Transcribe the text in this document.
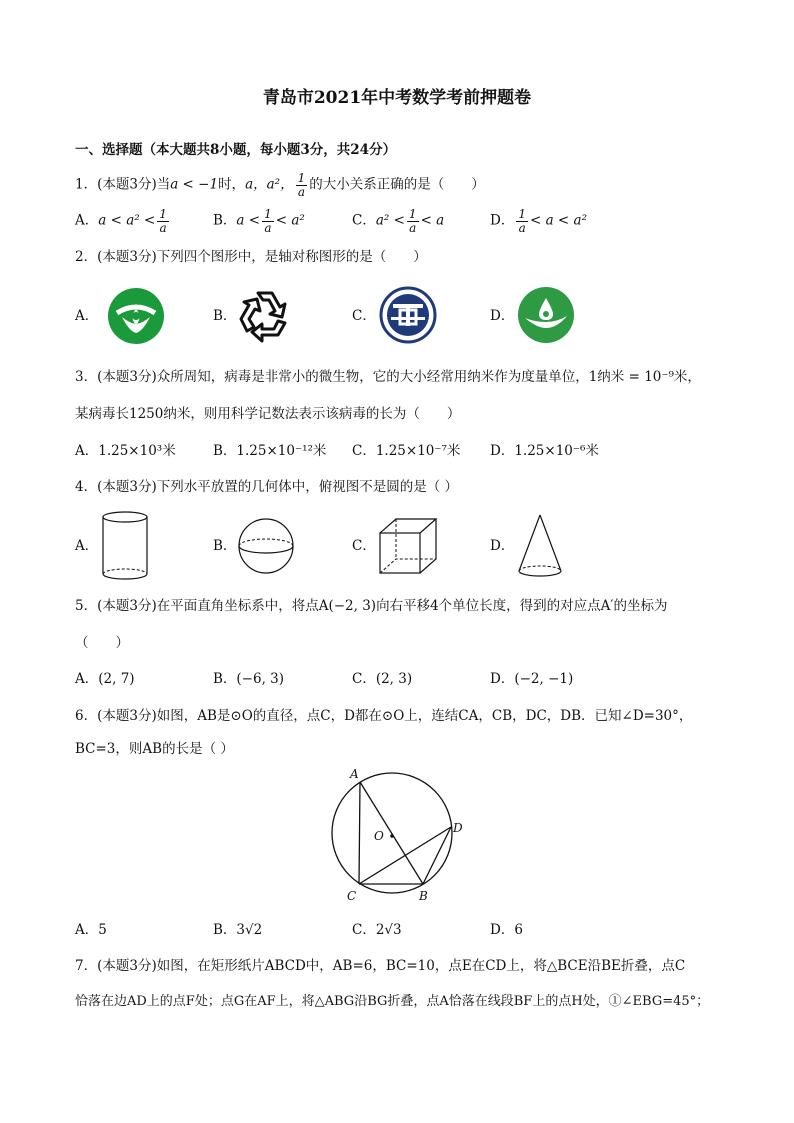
青岛市2021年中考数学考前押题卷
一、选择题（本大题共8小题，每小题3分，共24分）
1．(本题3分)当a < −1时，a，a²， $\frac{1}{a}$ 的大小关系正确的是（　　）
A．$a < a^2 < \frac{1}{a}$	B．$a < \frac{1}{a} < a^2$	C．$a^2 < \frac{1}{a} < a$	D． $\frac{1}{a} < a < a^2$
2．(本题3分)下列四个图形中，是轴对称图形的是（　　）
A．	B．	C．	D．
3．(本题3分)众所周知，病毒是非常小的微生物，它的大小经常用纳米作为度量单位，1纳米 = 10⁻⁹米，
某病毒长1250纳米，则用科学记数法表示该病毒的长为（　　）
A．1.25×10³米	B．1.25×10⁻¹²米 C．1.25×10⁻⁷米 D．1.25×10⁻⁶米
4．(本题3分)下列水平放置的几何体中，俯视图不是圆的是（ ）
A．	B．	C．	D．
5．(本题3分)在平面直角坐标系中，将点A(−2, 3)向右平移4个单位长度，得到的对应点A′的坐标为
（　　）
A．(2, 7)	B．(−6, 3)	C．(2, 3)	D．(−2, −1)
6．(本题3分)如图，AB是⊙O的直径，点C，D都在⊙O上，连结CA，CB，DC，DB．已知∠D=30°，
BC=3，则AB的长是（ ）
A
O
D
C	B
A．5	B．3√2	C．2√3	D．6
7．(本题3分)如图，在矩形纸片ABCD中，AB=6，BC=10，点E在CD上，将△BCE沿BE折叠，点C
恰落在边AD上的点F处；点G在AF上，将△ABG沿BG折叠，点A恰落在线段BF上的点H处，①∠EBG=45°；
